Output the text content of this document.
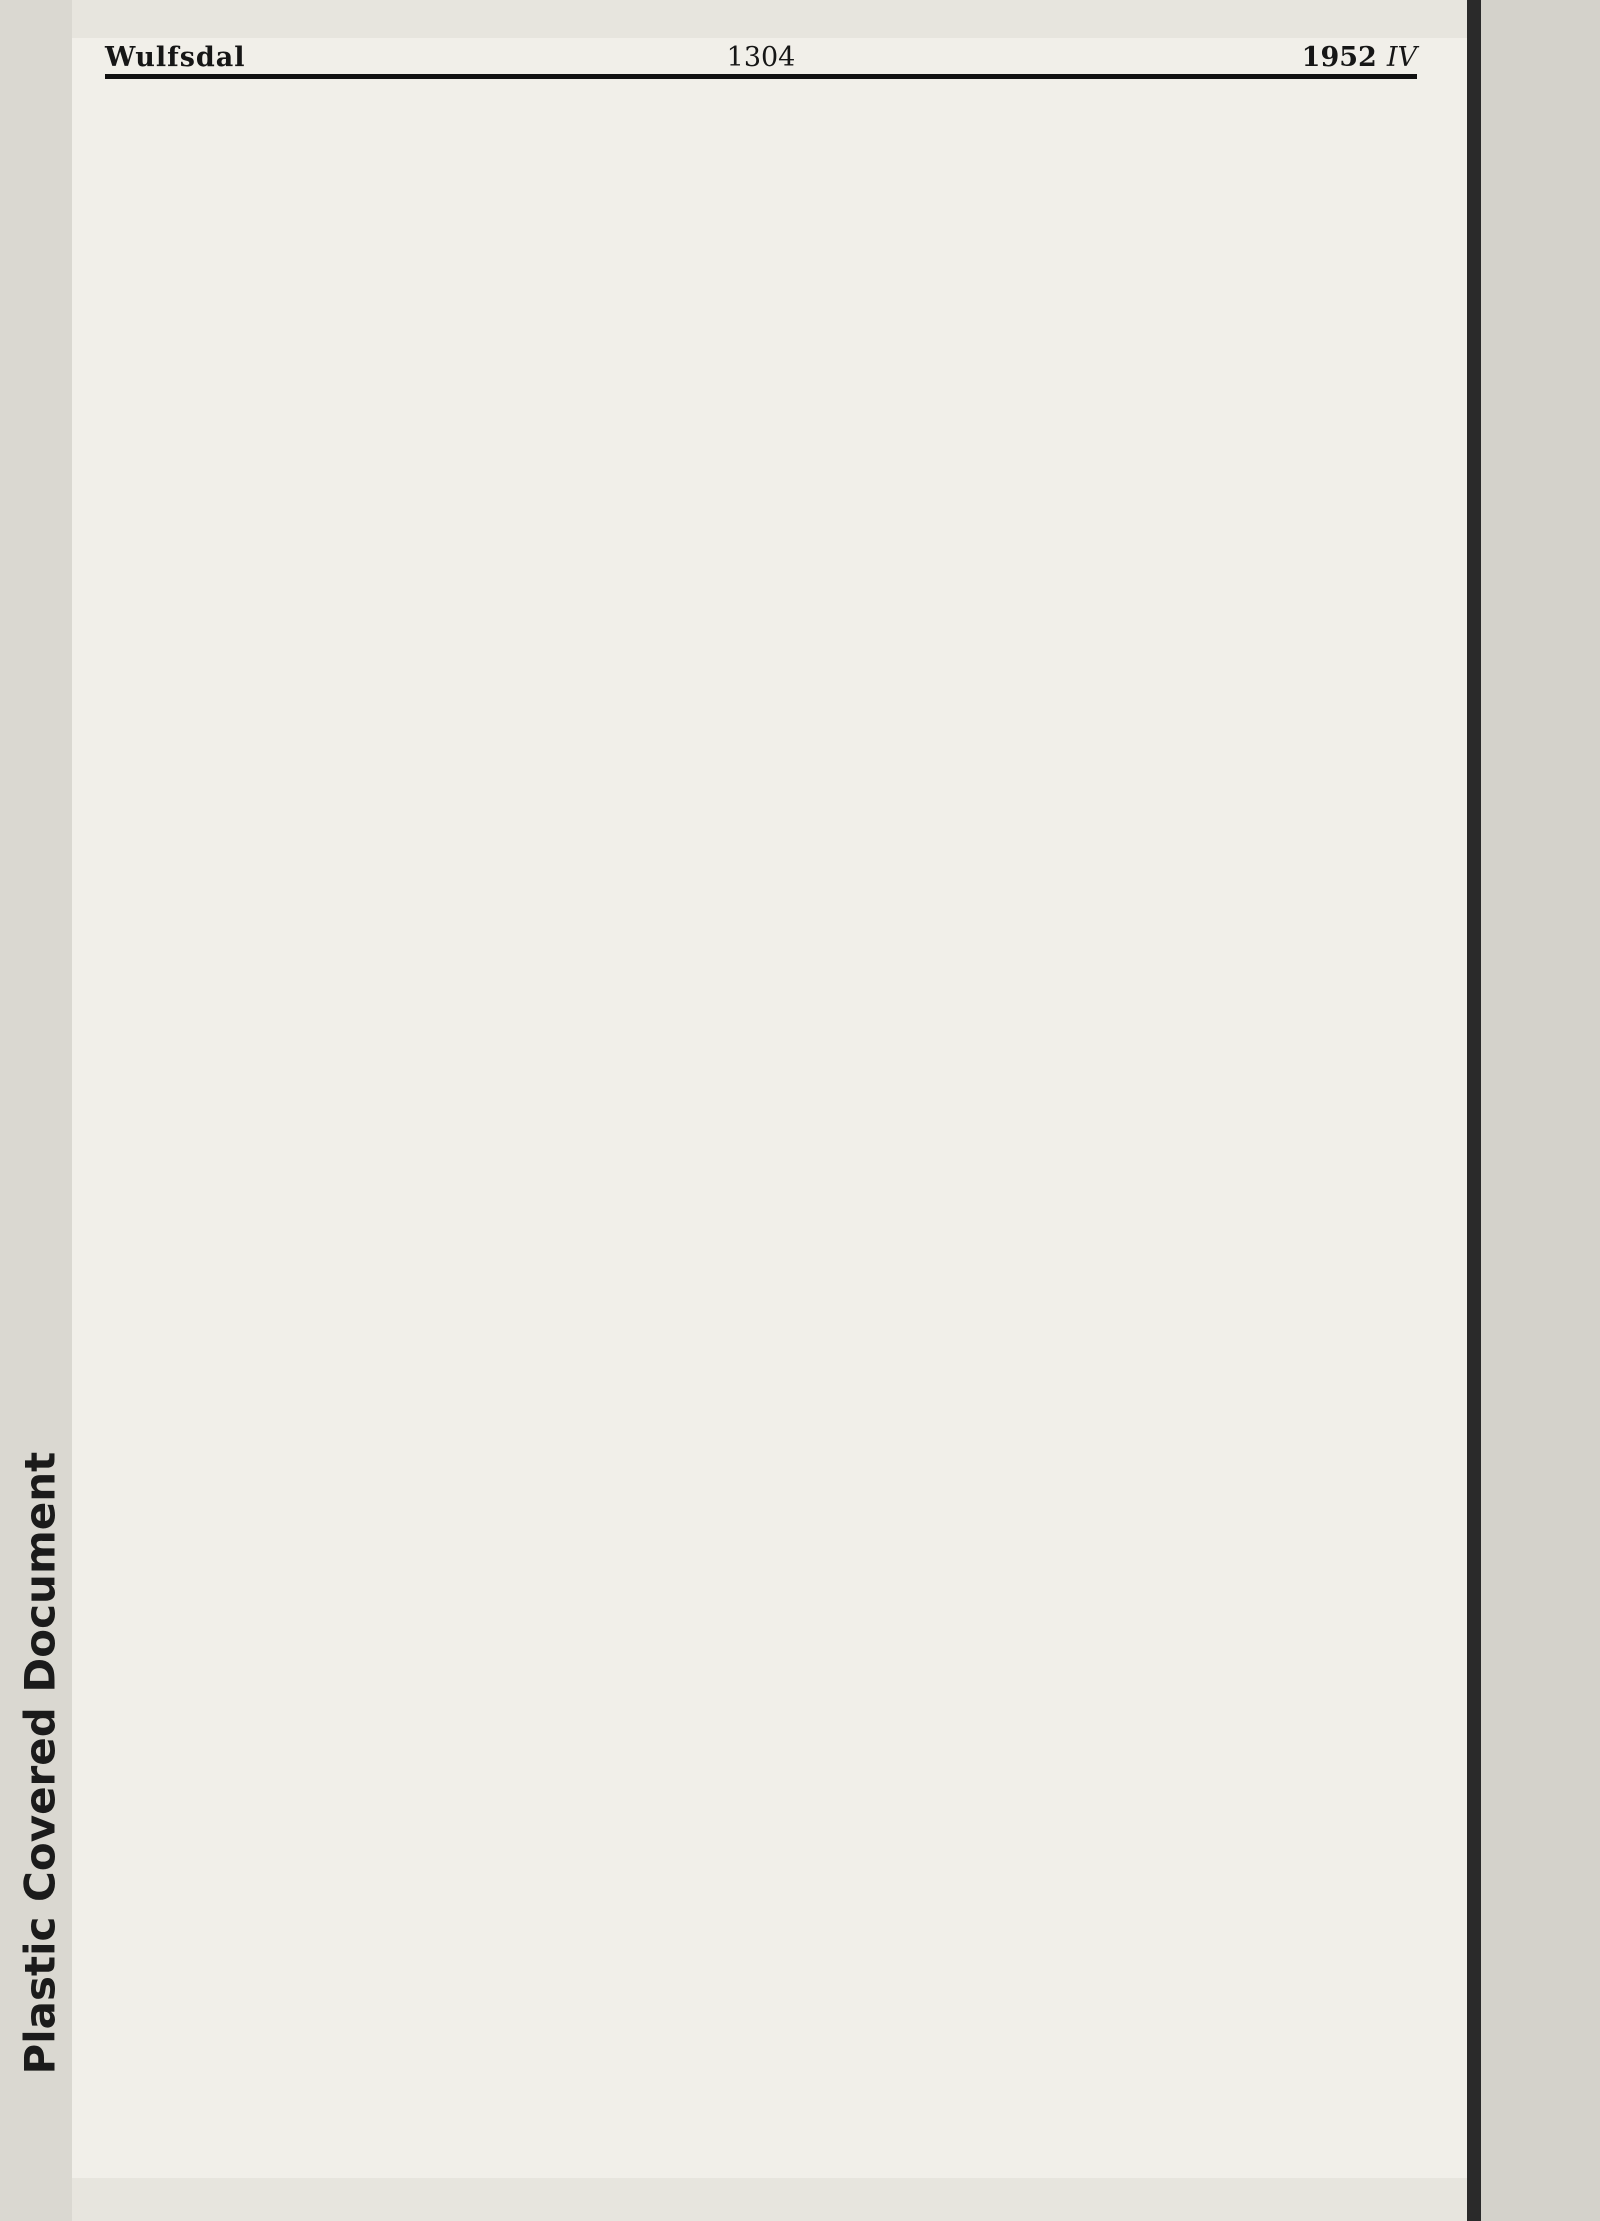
Plastic Covered Document
Wulfsdal	1304	1952 IV
